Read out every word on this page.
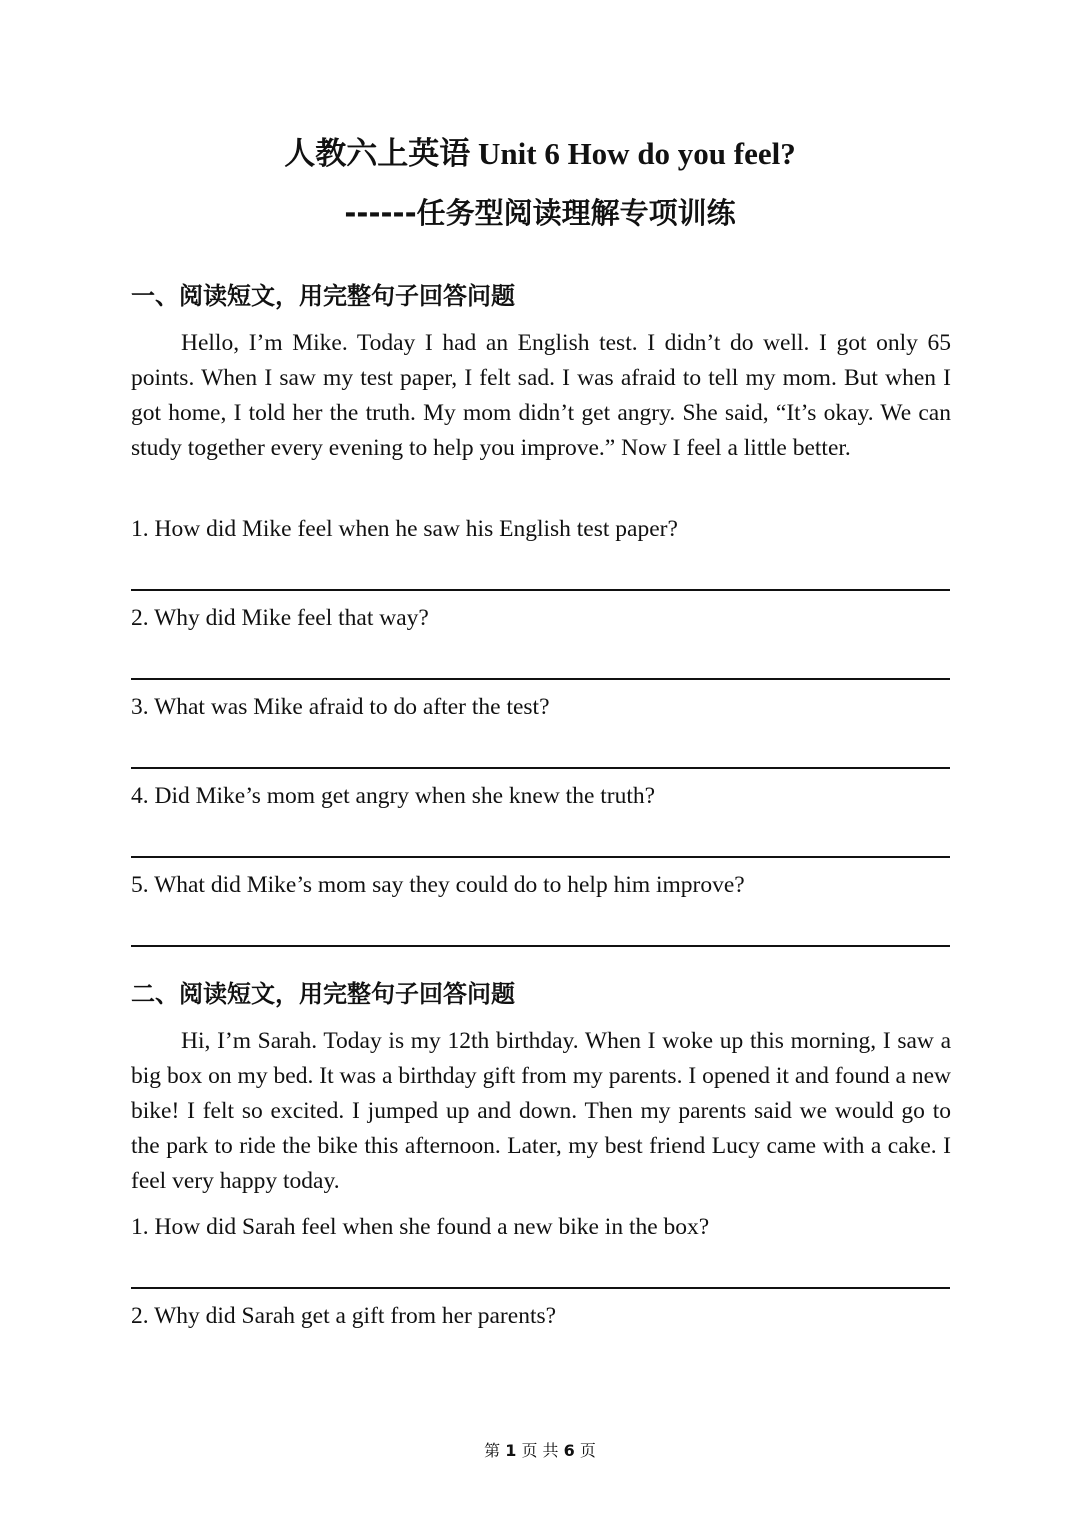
人教六上英语 Unit 6 How do you feel?
------任务型阅读理解专项训练
一、阅读短文，用完整句子回答问题

Hello, I’m Mike. Today I had an English test. I didn’t do well. I got only 65 points. When I saw my test paper, I felt sad. I was afraid to tell my mom. But when I got home, I told her the truth. My mom didn’t get angry. She said, “It’s okay. We can study together every evening to help you improve.” Now I feel a little better.

1. How did Mike feel when he saw his English test paper?

2. Why did Mike feel that way?

3. What was Mike afraid to do after the test?

4. Did Mike’s mom get angry when she knew the truth?

5. What did Mike’s mom say they could do to help him improve?

二、阅读短文，用完整句子回答问题

Hi, I’m Sarah. Today is my 12th birthday. When I woke up this morning, I saw a big box on my bed. It was a birthday gift from my parents. I opened it and found a new bike! I felt so excited. I jumped up and down. Then my parents said we would go to the park to ride the bike this afternoon. Later, my best friend Lucy came with a cake. I feel very happy today.

1. How did Sarah feel when she found a new bike in the box?

2. Why did Sarah get a gift from her parents?

第 1 页 共 6 页
